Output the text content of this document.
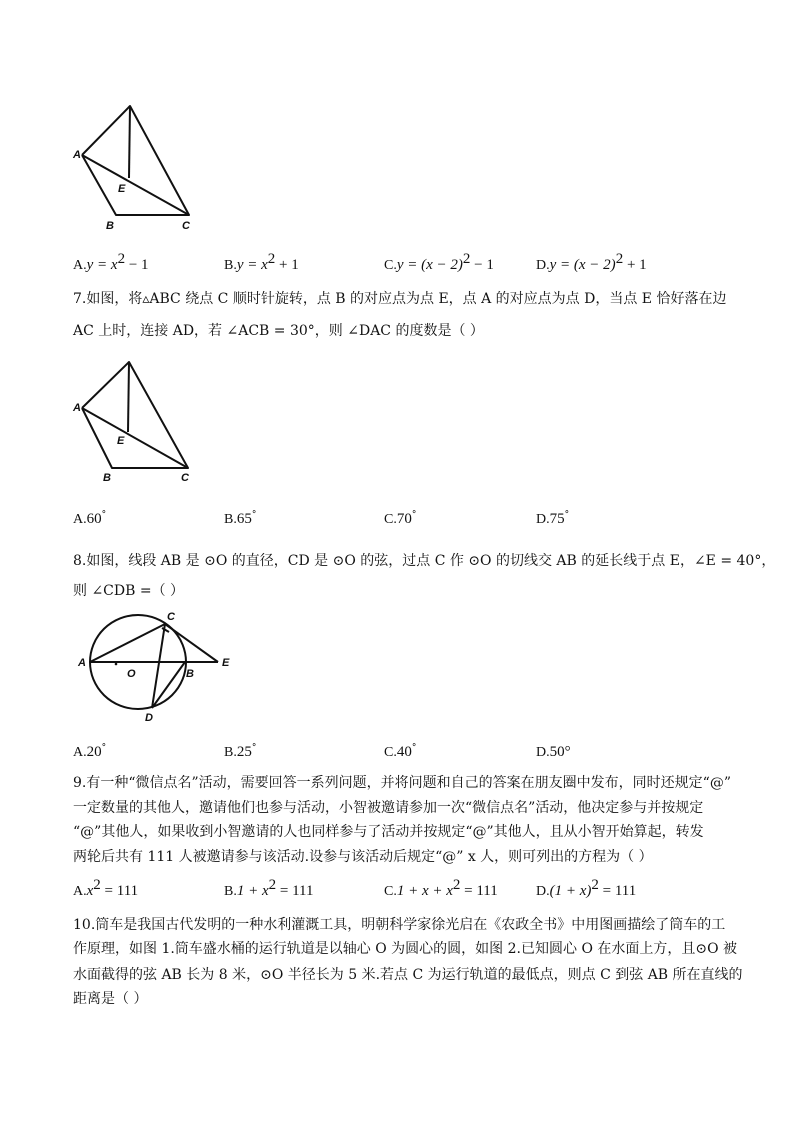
A
E
B	C
$A.y = x^2 - 1$	$B.y = x^2 + 1$	$C.y = (x - 2)^2 - 1$	$D.y = (x - 2)^2 + 1$
7.如图，将▵ABC 绕点 C 顺时针旋转，点 B 的对应点为点 E，点 A 的对应点为点 D，当点 E 恰好落在边
AC 上时，连接 AD，若 ∠ACB = 30°，则 ∠DAC 的度数是（ ）
A
E
B	C
A.60°	B.65°	C.70°	D.75°
8.如图，线段 AB 是 ⊙O 的直径，CD 是 ⊙O 的弦，过点 C 作 ⊙O 的切线交 AB 的延长线于点 E，∠E = 40°，
则 ∠CDB =（ ）
A
O	B
C
D
E
A.20°	B.25°	C.40°	D.50°
9.有一种“微信点名”活动，需要回答一系列问题，并将问题和自己的答案在朋友圈中发布，同时还规定“@”
一定数量的其他人，邀请他们也参与活动，小智被邀请参加一次“微信点名”活动，他决定参与并按规定
“@”其他人，如果收到小智邀请的人也同样参与了活动并按规定“@”其他人，且从小智开始算起，转发
两轮后共有 111 人被邀请参与该活动.设参与该活动后规定“@” x 人，则可列出的方程为（ ）
$A.x^2 = 111$	$B.1 + x^2 = 111$	$C.1 + x + x^2 = 111$	$D.(1 + x)^2 = 111$
10.筒车是我国古代发明的一种水利灌溉工具，明朝科学家徐光启在《农政全书》中用图画描绘了筒车的工
作原理，如图 1.筒车盛水桶的运行轨道是以轴心 O 为圆心的圆，如图 2.已知圆心 O 在水面上方，且⊙O 被
水面截得的弦 AB 长为 8 米，⊙O 半径长为 5 米.若点 C 为运行轨道的最低点，则点 C 到弦 AB 所在直线的
距离是（ ）
